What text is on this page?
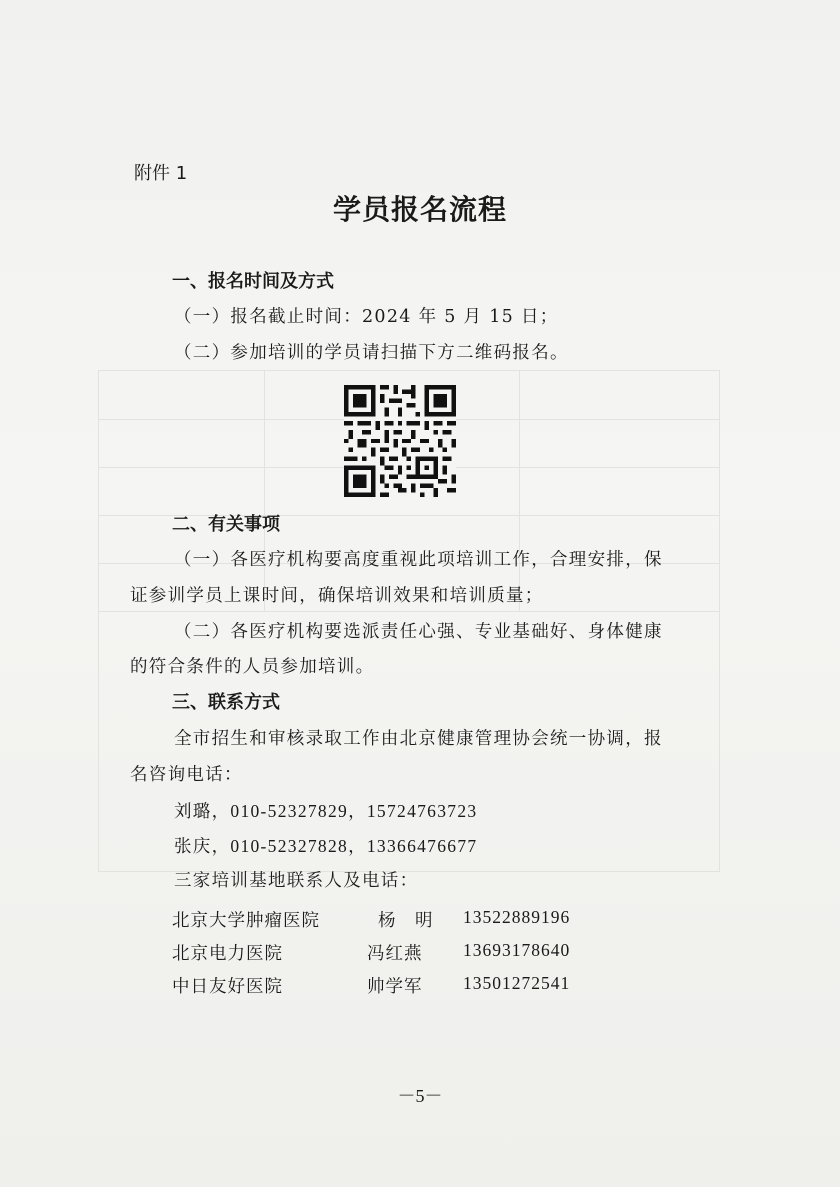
附件 1
学员报名流程
一、报名时间及方式
（一）报名截止时间：2024 年 5 月 15 日；
（二）参加培训的学员请扫描下方二维码报名。
二、有关事项
（一）各医疗机构要高度重视此项培训工作，合理安排，保
证参训学员上课时间，确保培训效果和培训质量；
（二）各医疗机构要选派责任心强、专业基础好、身体健康
的符合条件的人员参加培训。
三、联系方式
全市招生和审核录取工作由北京健康管理协会统一协调，报
名咨询电话：
刘璐，010-52327829，15724763723
张庆，010-52327828，13366476677
三家培训基地联系人及电话：
北京大学肿瘤医院	杨　明 13522889196
北京电力医院	冯红燕 13693178640
中日友好医院	帅学军 13501272541
－5－
